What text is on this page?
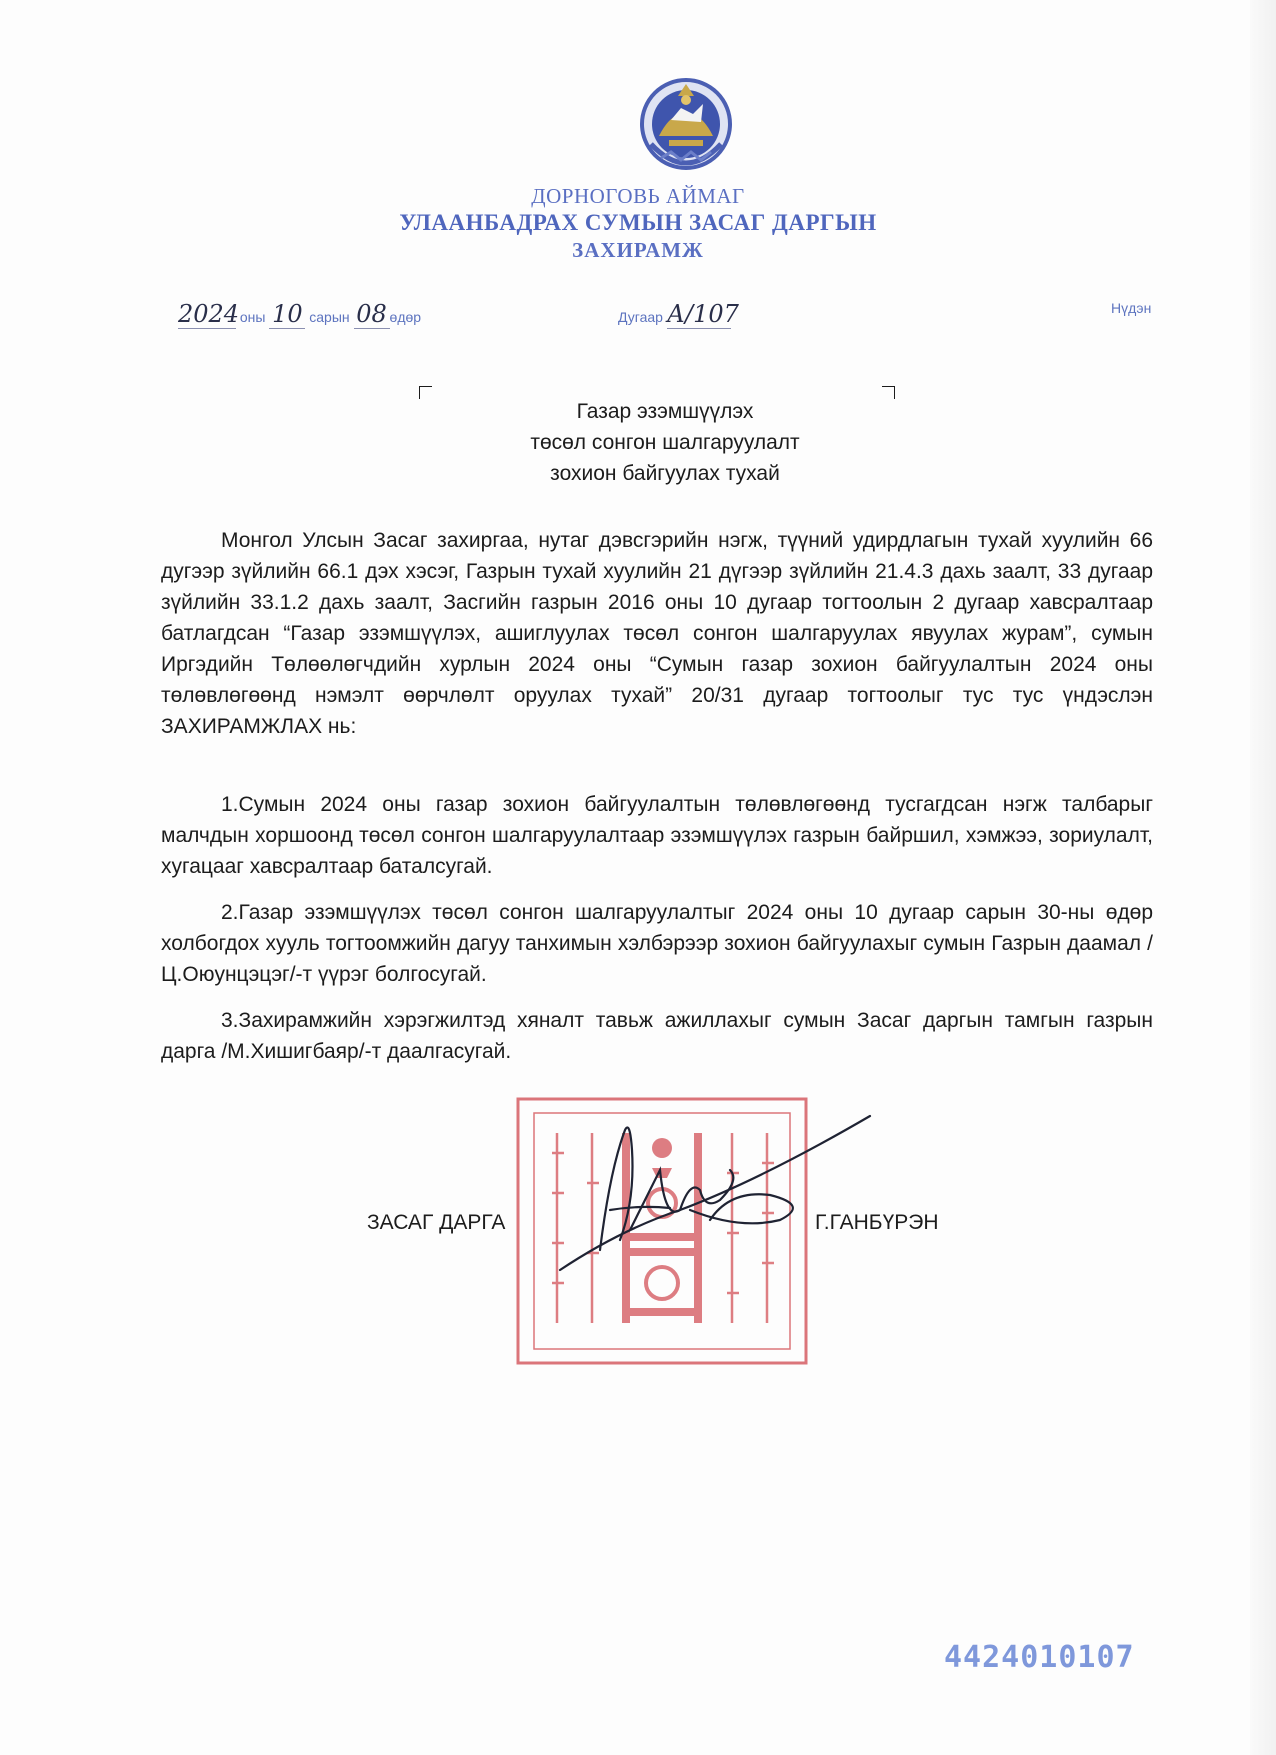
ДОРНОГОВЬ АЙМАГ
УЛААНБАДРАХ СУМЫН ЗАСАГ ДАРГЫН
ЗАХИРАМЖ
2024 оны 10 сарын 08 өдөр	Дугаар А/107	Нүдэн
Газар эзэмшүүлэх
төсөл сонгон шалгаруулалт
зохион байгуулах тухай

Монгол Улсын Засаг захиргаа, нутаг дэвсгэрийн нэгж, түүний удирдлагын тухай хуулийн 66 дугээр зүйлийн 66.1 дэх хэсэг, Газрын тухай хуулийн 21 дүгээр зүйлийн 21.4.3 дахь заалт, 33 дугаар зүйлийн 33.1.2 дахь заалт, Засгийн газрын 2016 оны 10 дугаар тогтоолын 2 дугаар хавсралтаар батлагдсан “Газар эзэмшүүлэх, ашиглуулах төсөл сонгон шалгаруулах явуулах журам”, сумын Иргэдийн Төлөөлөгчдийн хурлын 2024 оны “Сумын газар зохион байгуулалтын 2024 оны төлөвлөгөөнд нэмэлт өөрчлөлт оруулах тухай” 20/31 дугаар тогтоолыг тус тус үндэслэн ЗАХИРАМЖЛАХ нь:

1.Сумын 2024 оны газар зохион байгуулалтын төлөвлөгөөнд тусгагдсан нэгж талбарыг малчдын хоршоонд төсөл сонгон шалгаруулалтаар эзэмшүүлэх газрын байршил, хэмжээ, зориулалт, хугацааг хавсралтаар баталсугай.

2.Газар эзэмшүүлэх төсөл сонгон шалгаруулалтыг 2024 оны 10 дугаар сарын 30-ны өдөр холбогдох хууль тогтоомжийн дагуу танхимын хэлбэрээр зохион байгуулахыг сумын Газрын даамал /Ц.Оюунцэцэг/-т үүрэг болгосугай.

3.Захирамжийн хэрэгжилтэд хяналт тавьж ажиллахыг сумын Засаг даргын тамгын газрын дарга /М.Хишигбаяр/-т даалгасугай.

ЗАСАГ ДАРГА	Г.ГАНБҮРЭН
4424010107
